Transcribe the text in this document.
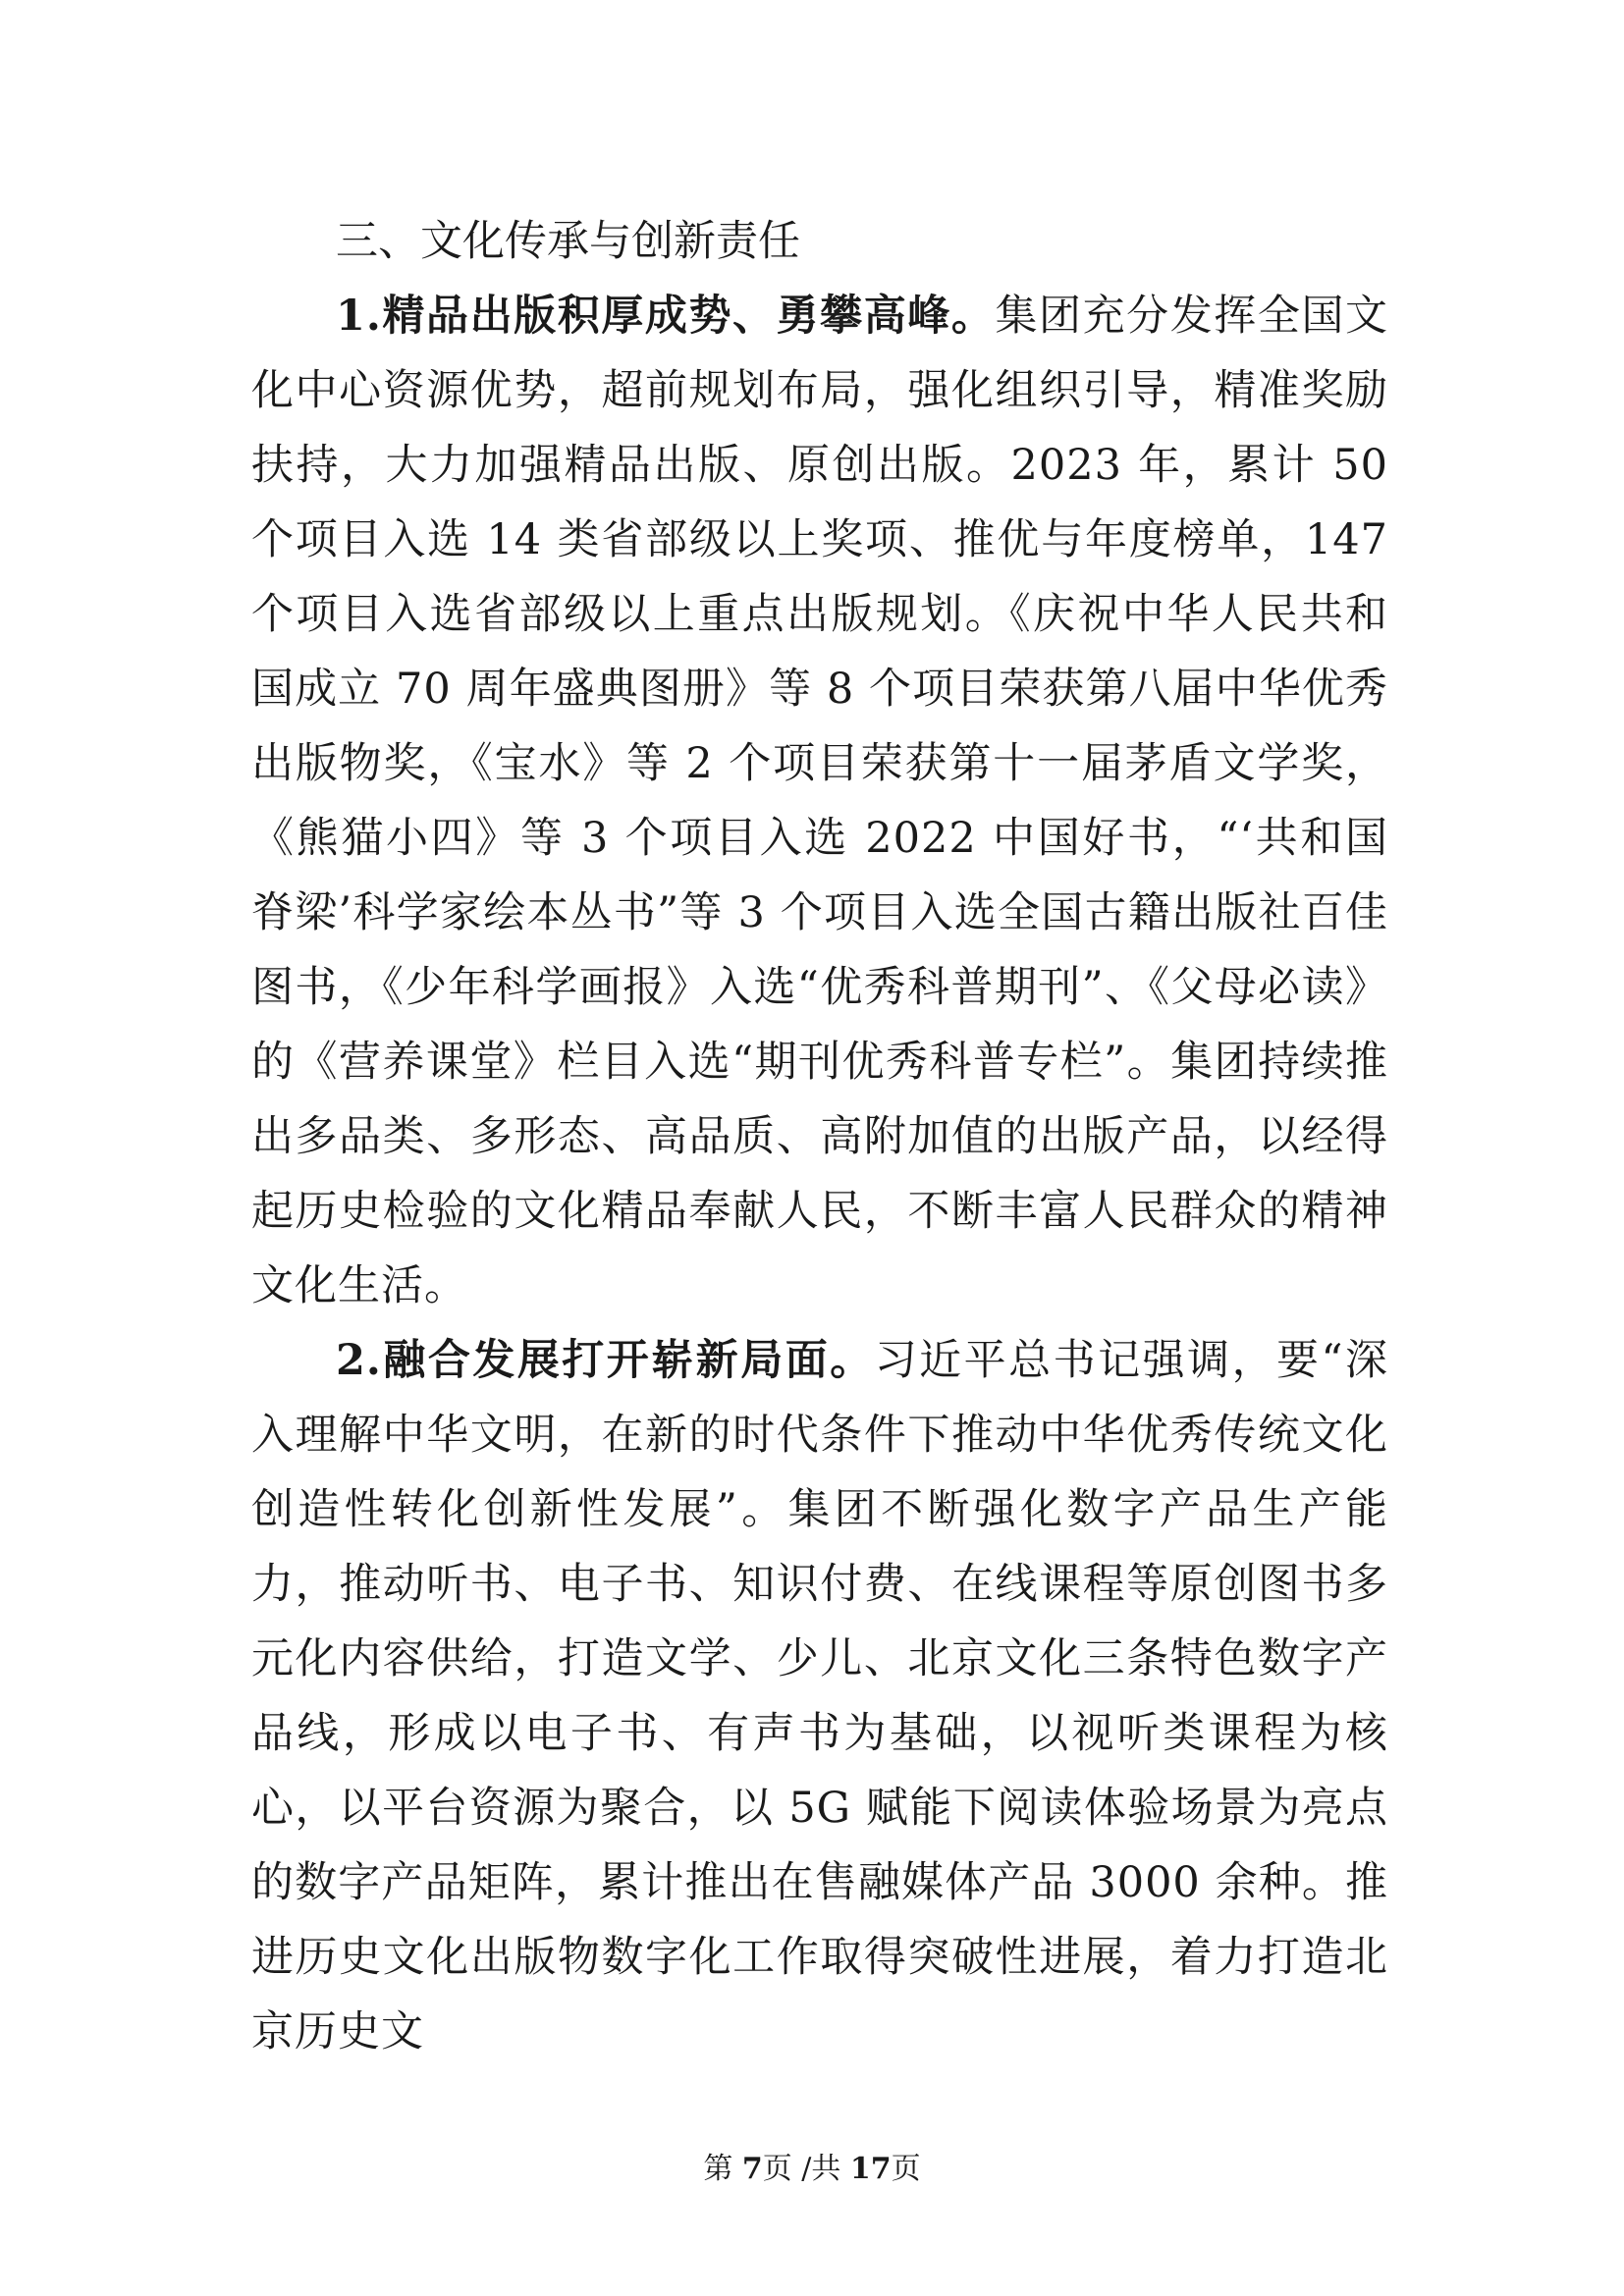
三、文化传承与创新责任

1.精品出版积厚成势、勇攀高峰。集团充分发挥全国文化中心资源优势，超前规划布局，强化组织引导，精准奖励扶持，大力加强精品出版、原创出版。2023 年，累计 50 个项目入选 14 类省部级以上奖项、推优与年度榜单，147 个项目入选省部级以上重点出版规划。《庆祝中华人民共和国成立 70 周年盛典图册》等 8 个项目荣获第八届中华优秀出版物奖，《宝水》等 2 个项目荣获第十一届茅盾文学奖，《熊猫小四》等 3 个项目入选 2022 中国好书，“‘共和国脊梁’科学家绘本丛书”等 3 个项目入选全国古籍出版社百佳图书，《少年科学画报》入选“优秀科普期刊”、《父母必读》的《营养课堂》栏目入选“期刊优秀科普专栏”。集团持续推出多品类、多形态、高品质、高附加值的出版产品，以经得起历史检验的文化精品奉献人民，不断丰富人民群众的精神文化生活。

2.融合发展打开崭新局面。习近平总书记强调，要“深入理解中华文明，在新的时代条件下推动中华优秀传统文化创造性转化创新性发展”。集团不断强化数字产品生产能力，推动听书、电子书、知识付费、在线课程等原创图书多元化内容供给，打造文学、少儿、北京文化三条特色数字产品线，形成以电子书、有声书为基础，以视听类课程为核心，以平台资源为聚合，以 5G 赋能下阅读体验场景为亮点的数字产品矩阵，累计推出在售融媒体产品 3000 余种。推进历史文化出版物数字化工作取得突破性进展，着力打造北京历史文

第 7页 /共 17页
